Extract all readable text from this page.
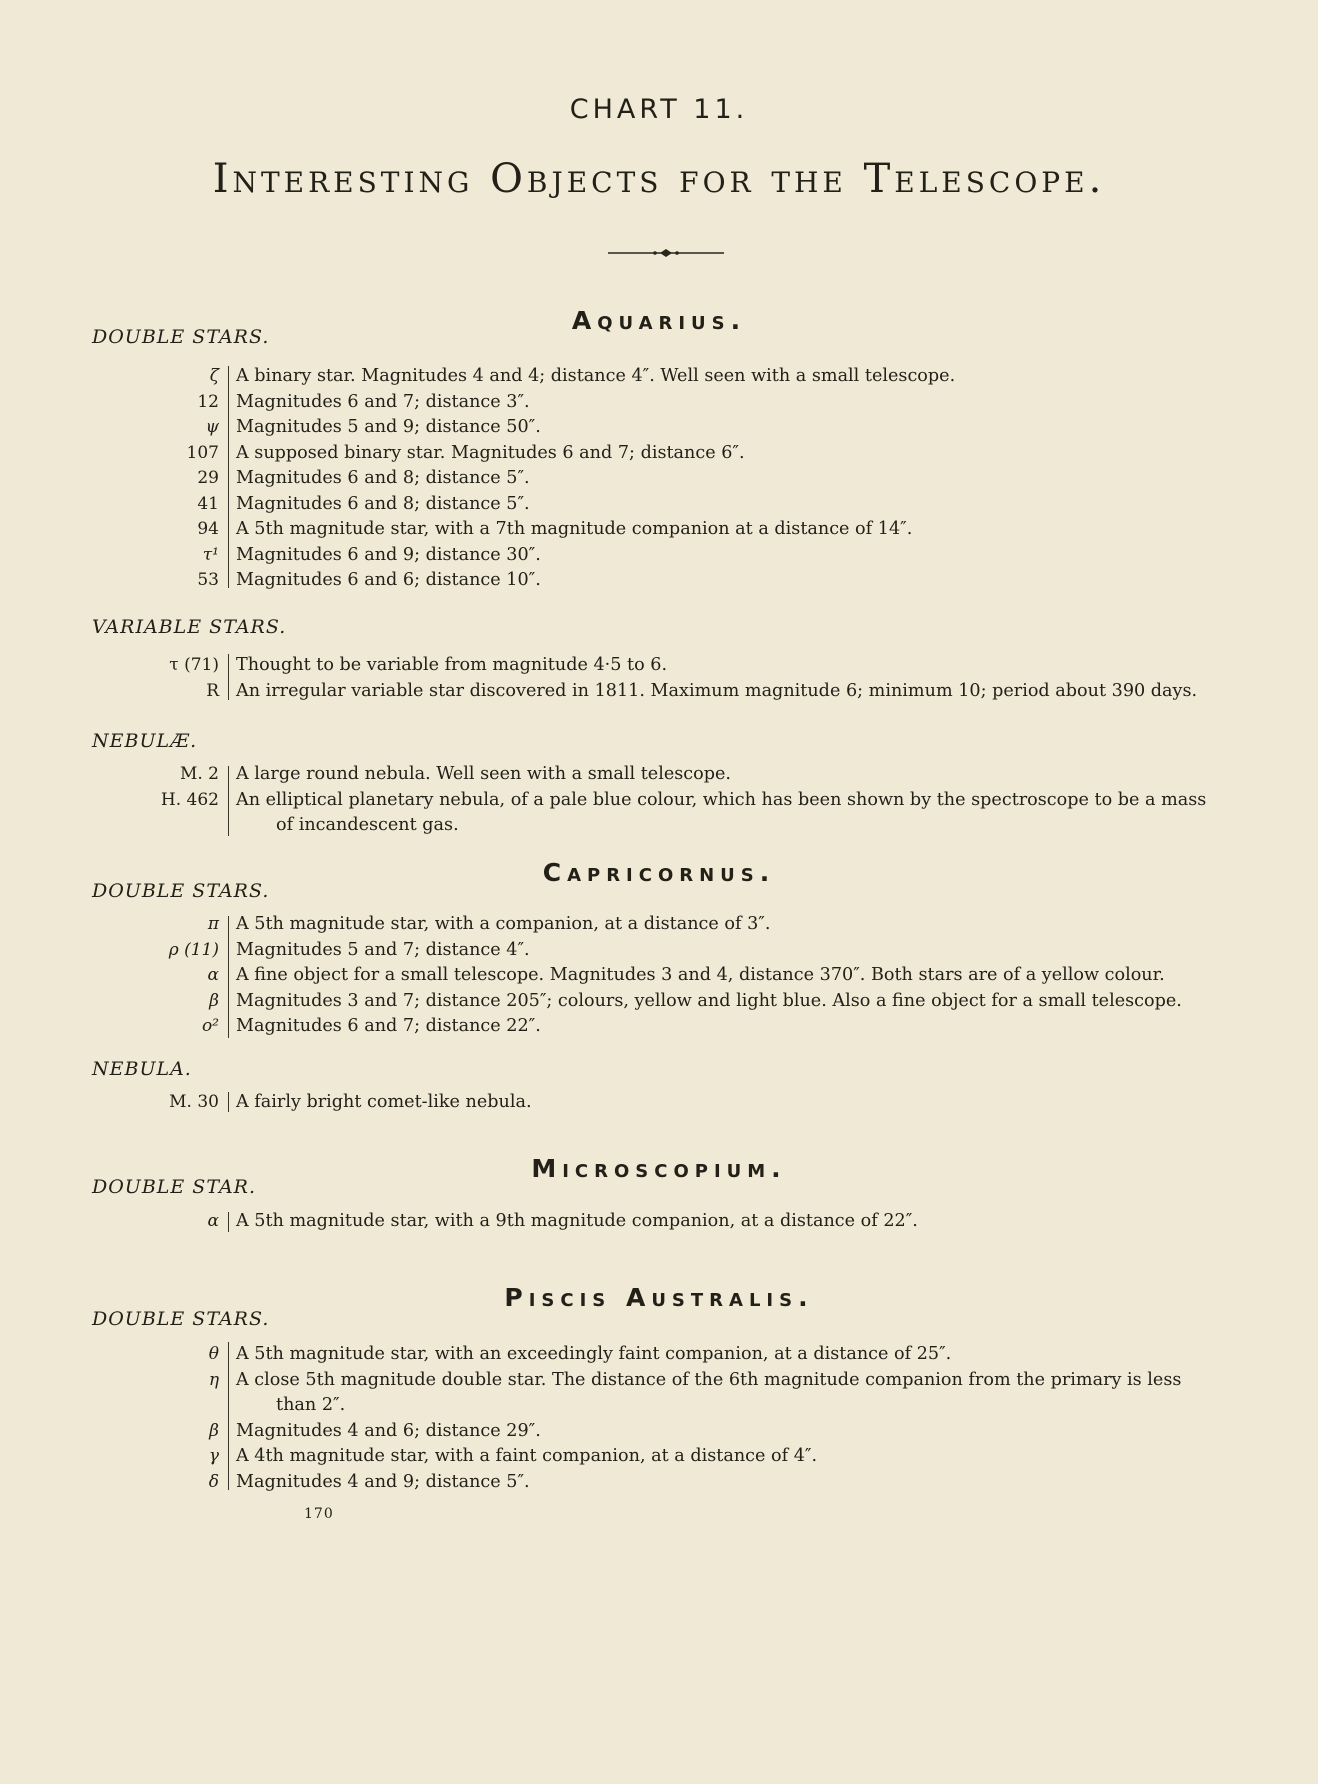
CHART 11.
Interesting Objects for the Telescope.
Aquarius.
DOUBLE STARS.
ζ A binary star. Magnitudes 4 and 4; distance 4″. Well seen with a small telescope.
12 Magnitudes 6 and 7; distance 3″.
ψ Magnitudes 5 and 9; distance 50″.
107 A supposed binary star. Magnitudes 6 and 7; distance 6″.
29 Magnitudes 6 and 8; distance 5″.
41 Magnitudes 6 and 8; distance 5″.
94 A 5th magnitude star, with a 7th magnitude companion at a distance of 14″.
τ¹ Magnitudes 6 and 9; distance 30″.
53 Magnitudes 6 and 6; distance 10″.
VARIABLE STARS.
τ (71) Thought to be variable from magnitude 4·5 to 6.
R An irregular variable star discovered in 1811. Maximum magnitude 6; minimum 10; period about 390 days.
NEBULÆ.
M. 2 A large round nebula. Well seen with a small telescope.
H. 462 An elliptical planetary nebula, of a pale blue colour, which has been shown by the spectroscope to be a mass
of incandescent gas.
Capricornus.
DOUBLE STARS.
π A 5th magnitude star, with a companion, at a distance of 3″.
ρ (11) Magnitudes 5 and 7; distance 4″.
α A fine object for a small telescope. Magnitudes 3 and 4, distance 370″. Both stars are of a yellow colour.
β Magnitudes 3 and 7; distance 205″; colours, yellow and light blue. Also a fine object for a small telescope.
o² Magnitudes 6 and 7; distance 22″.
NEBULA.
M. 30 A fairly bright comet-like nebula.
Microscopium.
DOUBLE STAR.
α A 5th magnitude star, with a 9th magnitude companion, at a distance of 22″.
Piscis Australis.
DOUBLE STARS.
θ A 5th magnitude star, with an exceedingly faint companion, at a distance of 25″.
η A close 5th magnitude double star. The distance of the 6th magnitude companion from the primary is less
than 2″.
β Magnitudes 4 and 6; distance 29″.
γ A 4th magnitude star, with a faint companion, at a distance of 4″.
δ Magnitudes 4 and 9; distance 5″.
170
